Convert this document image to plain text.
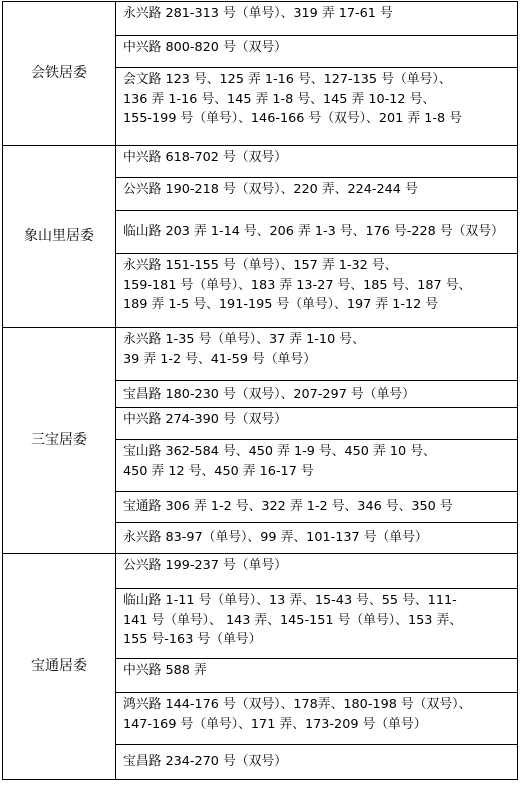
会铁居委	永兴路 281-313 号（单号）、319 弄 17-61 号

	中兴路 800-820 号（双号）

	会文路 123 号、125 弄 1-16 号、127-135 号（单号）、
136 弄 1-16 号、145 弄 1-8 号、145 弄 10-12 号、
155-199 号（单号）、146-166 号（双号）、201 弄 1-8 号

象山里居委	中兴路 618-702 号（双号）

	公兴路 190-218 号（双号）、220 弄、224-244 号

	临山路 203 弄 1-14 号、206 弄 1-3 号、176 号-228 号（双号）

	永兴路 151-155 号（单号）、157 弄 1-32 号、
159-181 号（单号）、183 弄 13-27 号、185 号、187 号、
189 弄 1-5 号、191-195 号（单号）、197 弄 1-12 号

三宝居委	永兴路 1-35 号（单号）、37 弄 1-10 号、
39 弄 1-2 号、41-59 号（单号）

	宝昌路 180-230 号（双号）、207-297 号（单号）

	中兴路 274-390 号（双号）

	宝山路 362-584 号、450 弄 1-9 号、450 弄 10 号、
450 弄 12 号、450 弄 16-17 号

	宝通路 306 弄 1-2 号、322 弄 1-2 号、346 号、350 号

	永兴路 83-97（单号）、99 弄、101-137 号（单号）

宝通居委	公兴路 199-237 号（单号）

	临山路 1-11 号（单号）、13 弄、15-43 号、55 号、111-
141 号（单号）、 143 弄、145-151 号（单号）、153 弄、
155 号-163 号（单号）

	中兴路 588 弄

	鸿兴路 144-176 号（双号）、178弄、180-198 号（双号）、
147-169 号（单号）、171 弄、173-209 号（单号）

	宝昌路 234-270 号（双号）
